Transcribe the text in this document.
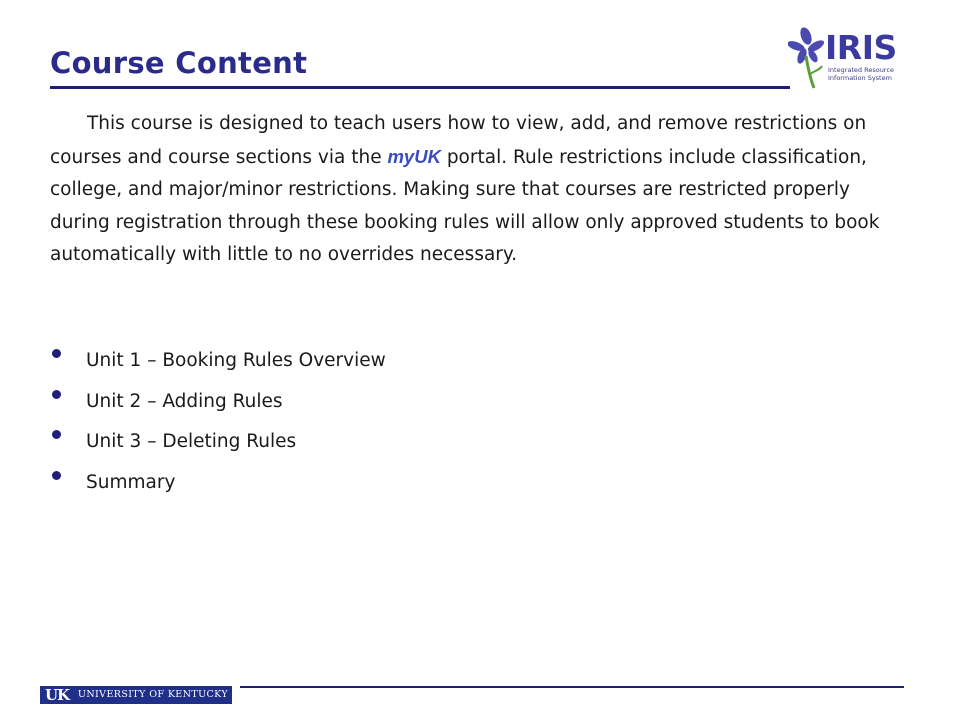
Course Content	IRIS
Integrated Resource Information System

This course is designed to teach users how to view, add, and remove restrictions on courses and course sections via the myUK portal. Rule restrictions include classification, college, and major/minor restrictions. Making sure that courses are restricted properly during registration through these booking rules will allow only approved students to book automatically with little to no overrides necessary.

Unit 1 – Booking Rules Overview
Unit 2 – Adding Rules
Unit 3 – Deleting Rules
Summary
UK UNIVERSITY OF KENTUCKY
